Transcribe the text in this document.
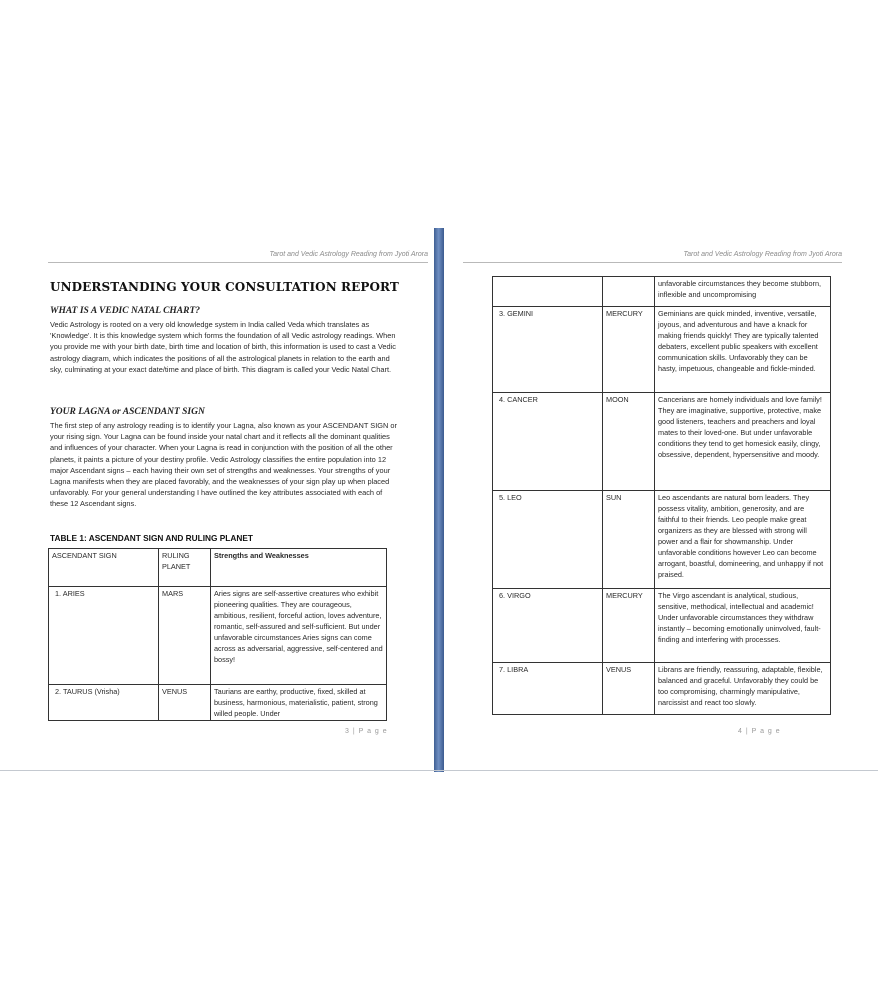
Tarot and Vedic Astrology Reading from Jyoti Arora
UNDERSTANDING YOUR CONSULTATION REPORT
WHAT IS A VEDIC NATAL CHART?

Vedic Astrology is rooted on a very old knowledge system in India called Veda which translates as 'Knowledge'. It is this knowledge system which forms the foundation of all Vedic astrology readings. When you provide me with your birth date, birth time and location of birth, this information is used to cast a Vedic astrology diagram, which indicates the positions of all the astrological planets in relation to the earth and sky, culminating at your exact date/time and place of birth. This diagram is called your Vedic Natal Chart.

YOUR LAGNA or ASCENDANT SIGN

The first step of any astrology reading is to identify your Lagna, also known as your ASCENDANT SIGN or your rising sign. Your Lagna can be found inside your natal chart and it reflects all the dominant qualities and influences of your character. When your Lagna is read in conjunction with the position of all the other planets, it paints a picture of your destiny profile. Vedic Astrology classifies the entire population into 12 major Ascendant signs – each having their own set of strengths and weaknesses. Your strengths of your Lagna manifests when they are placed favorably, and the weaknesses of your sign play up when placed unfavorably. For your general understanding I have outlined the key attributes associated with each of these 12 Ascendant signs.

TABLE 1: ASCENDANT SIGN AND RULING PLANET
ASCENDANT SIGN	RULING PLANET	Strengths and Weaknesses
1. ARIES	MARS	Aries signs are self-assertive creatures who exhibit pioneering qualities. They are courageous, ambitious, resilient, forceful action, loves adventure, romantic, self-assured and self-sufficient. But under unfavorable circumstances Aries signs can come across as adversarial, aggressive, self-centered and bossy!
2. TAURUS (Vrisha)	VENUS	Taurians are earthy, productive, fixed, skilled at business, harmonious, materialistic, patient, strong willed people. Under
3 | P a g e
Tarot and Vedic Astrology Reading from Jyoti Arora
		unfavorable circumstances they become stubborn, inflexible and uncompromising
3. GEMINI	MERCURY	Geminians are quick minded, inventive, versatile, joyous, and adventurous and have a knack for making friends quickly! They are typically talented debaters, excellent public speakers with excellent communication skills. Unfavorably they can be hasty, impetuous, changeable and fickle-minded.
4. CANCER	MOON	Cancerians are homely individuals and love family! They are imaginative, supportive, protective, make good listeners, teachers and preachers and loyal mates to their loved-one. But under unfavorable conditions they tend to get homesick easily, clingy, obsessive, dependent, hypersensitive and moody.
5. LEO	SUN	Leo ascendants are natural born leaders. They possess vitality, ambition, generosity, and are faithful to their friends. Leo people make great organizers as they are blessed with strong will power and a flair for showmanship. Under unfavorable conditions however Leo can become arrogant, boastful, domineering, and unhappy if not praised.
6. VIRGO	MERCURY	The Virgo ascendant is analytical, studious, sensitive, methodical, intellectual and academic! Under unfavorable circumstances they withdraw instantly – becoming emotionally uninvolved, fault-finding and interfering with processes.
7. LIBRA	VENUS	Librans are friendly, reassuring, adaptable, flexible, balanced and graceful. Unfavorably they could be too compromising, charmingly manipulative, narcissist and react too slowly.
4 | P a g e
